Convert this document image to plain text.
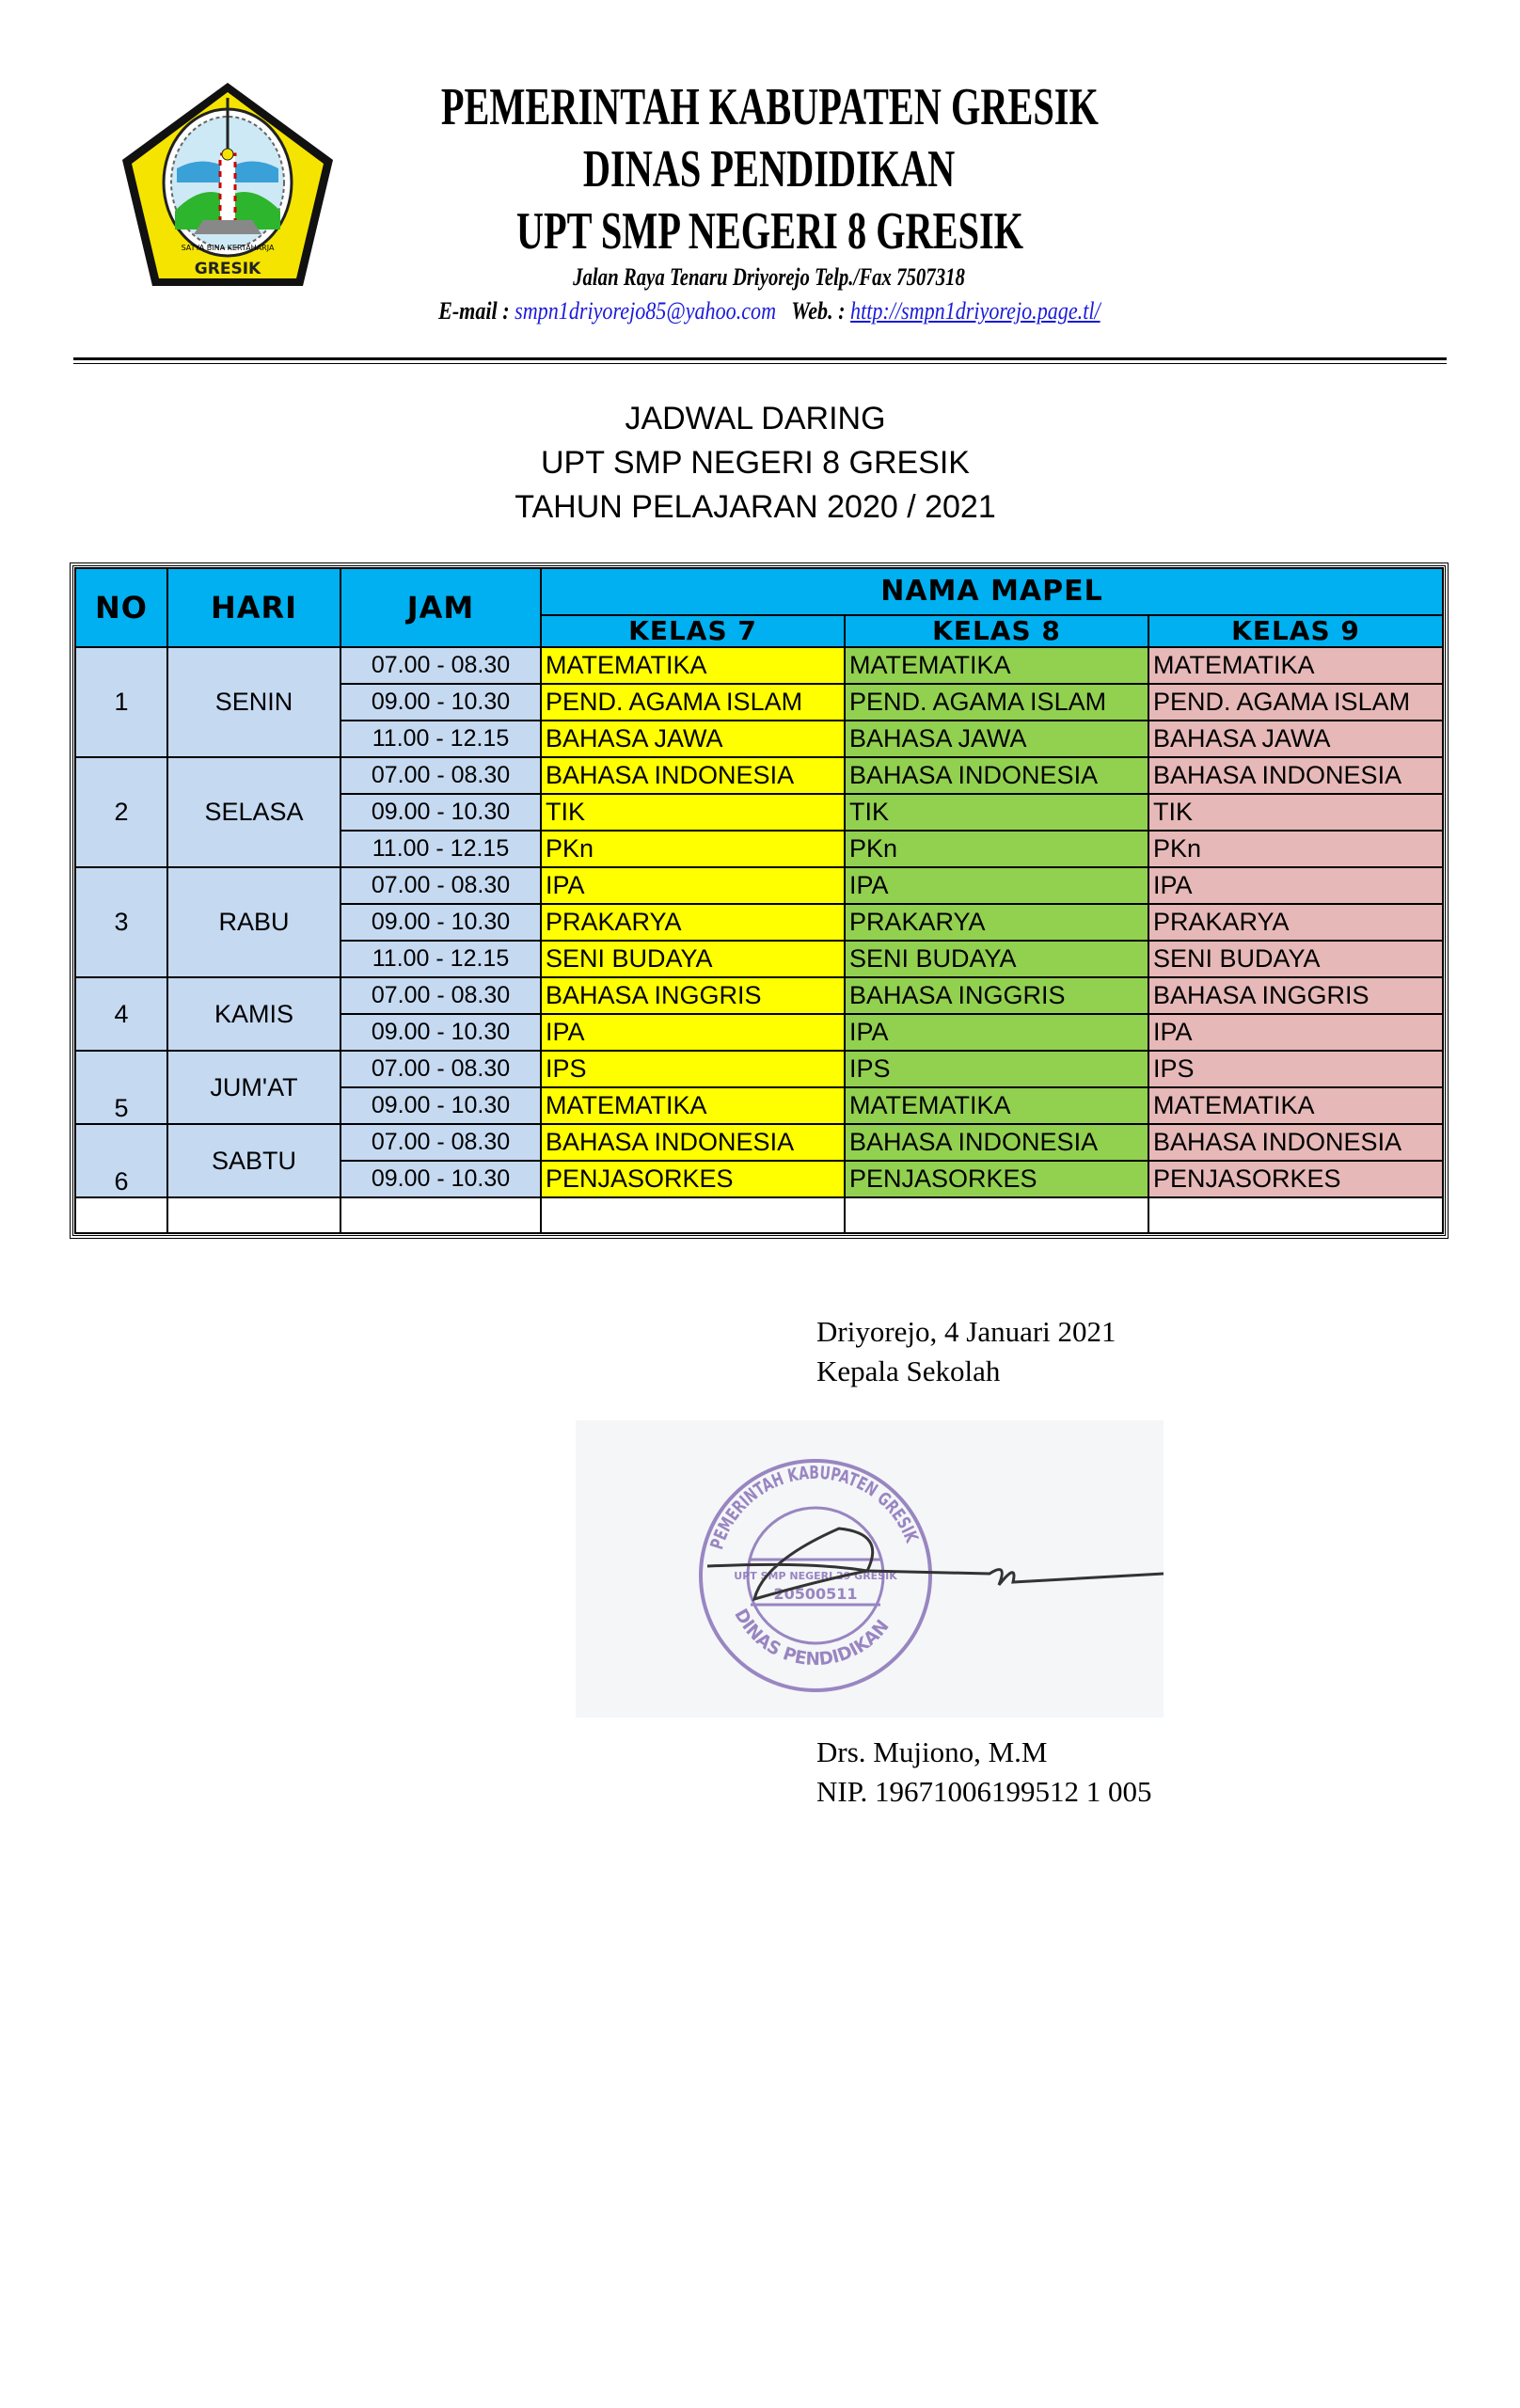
SATYA BINA KERTAHARJA
GRESIK
PEMERINTAH KABUPATEN GRESIK
DINAS PENDIDIKAN
UPT SMP NEGERI 8 GRESIK
Jalan Raya Tenaru Driyorejo Telp./Fax 7507318
E-mail : smpn1driyorejo85@yahoo.com Web. : http://smpn1driyorejo.page.tl/
JADWAL DARING
UPT SMP NEGERI 8 GRESIK
TAHUN PELAJARAN 2020 / 2021
NO	HARI	JAM	NAMA MAPEL		
			KELAS 7	KELAS 8	KELAS 9
1	SENIN	07.00 - 08.30	MATEMATIKA	MATEMATIKA	MATEMATIKA
		09.00 - 10.30	PEND. AGAMA ISLAM	PEND. AGAMA ISLAM	PEND. AGAMA ISLAM
		11.00 - 12.15	BAHASA JAWA	BAHASA JAWA	BAHASA JAWA
2	SELASA	07.00 - 08.30	BAHASA INDONESIA	BAHASA INDONESIA	BAHASA INDONESIA
		09.00 - 10.30	TIK	TIK	TIK
		11.00 - 12.15	PKn	PKn	PKn
3	RABU	07.00 - 08.30	IPA	IPA	IPA
		09.00 - 10.30	PRAKARYA	PRAKARYA	PRAKARYA
		11.00 - 12.15	SENI BUDAYA	SENI BUDAYA	SENI BUDAYA
4	KAMIS	07.00 - 08.30	BAHASA INGGRIS	BAHASA INGGRIS	BAHASA INGGRIS
		09.00 - 10.30	IPA	IPA	IPA
5	JUM'AT	07.00 - 08.30	IPS	IPS	IPS
		09.00 - 10.30	MATEMATIKA	MATEMATIKA	MATEMATIKA
6	SABTU	07.00 - 08.30	BAHASA INDONESIA	BAHASA INDONESIA	BAHASA INDONESIA
		09.00 - 10.30	PENJASORKES	PENJASORKES	PENJASORKES

Driyorejo, 4 Januari 2021
Kepala Sekolah
PEMERINTAH KABUPATEN GRESIK
DINAS PENDIDIKAN
UPT SMP NEGERI 29 GRESIK
20500511
Drs. Mujiono, M.M
NIP. 19671006199512 1 005
